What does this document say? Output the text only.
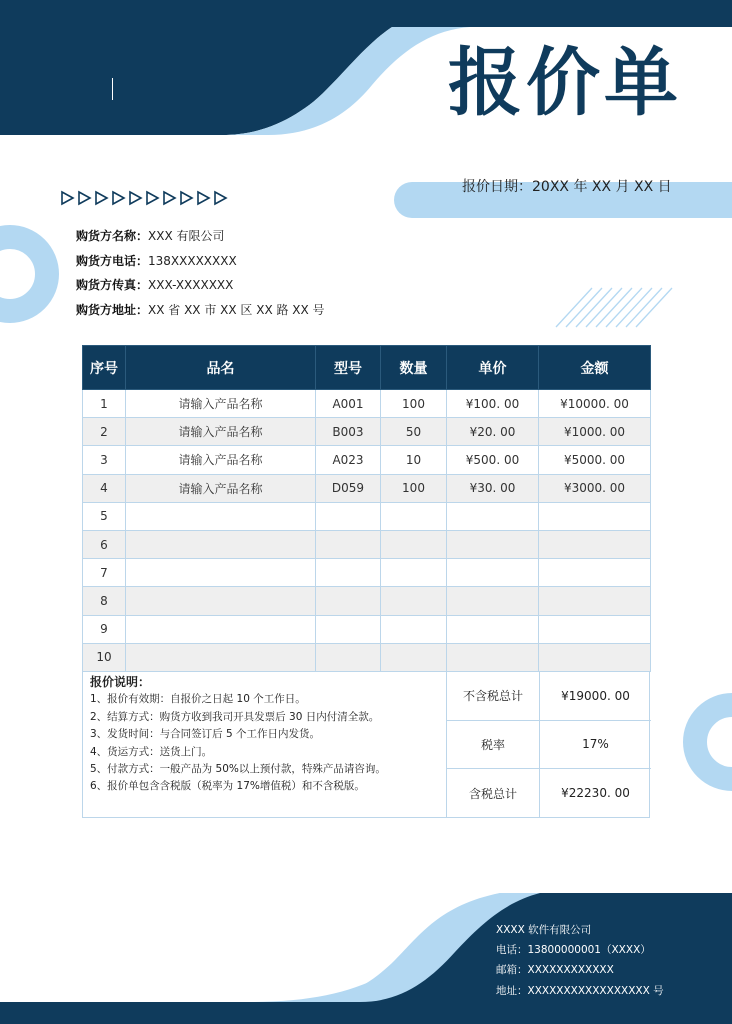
报价单
报价日期：20XX 年 XX 月 XX 日
购货方名称：XXX 有限公司
购货方电话：138XXXXXXXX
购货方传真：XXX-XXXXXXX
购货方地址：XX 省 XX 市 XX 区 XX 路 XX 号
序号	品名	型号	数量	单价	金额
1	请输入产品名称	A001	100	¥100. 00	¥10000. 00
2	请输入产品名称	B003	50	¥20. 00	¥1000. 00
3	请输入产品名称	A023	10	¥500. 00	¥5000. 00
4	请输入产品名称	D059	100	¥30. 00	¥3000. 00
5					
6					
7					
8					
9					
10					
报价说明：
1、报价有效期：自报价之日起 10 个工作日。
2、结算方式：购货方收到我司开具发票后 30 日内付清全款。
3、发货时间：与合同签订后 5 个工作日内发货。
4、货运方式：送货上门。
5、付款方式：一般产品为 50%以上预付款，特殊产品请咨询。
6、报价单包含含税版（税率为 17%增值税）和不含税版。
不含税总计	¥19000. 00
税率	17%
含税总计	¥22230. 00
XXXX 软件有限公司
电话：13800000001（XXXX）
邮箱：XXXXXXXXXXXX
地址：XXXXXXXXXXXXXXXXX 号
